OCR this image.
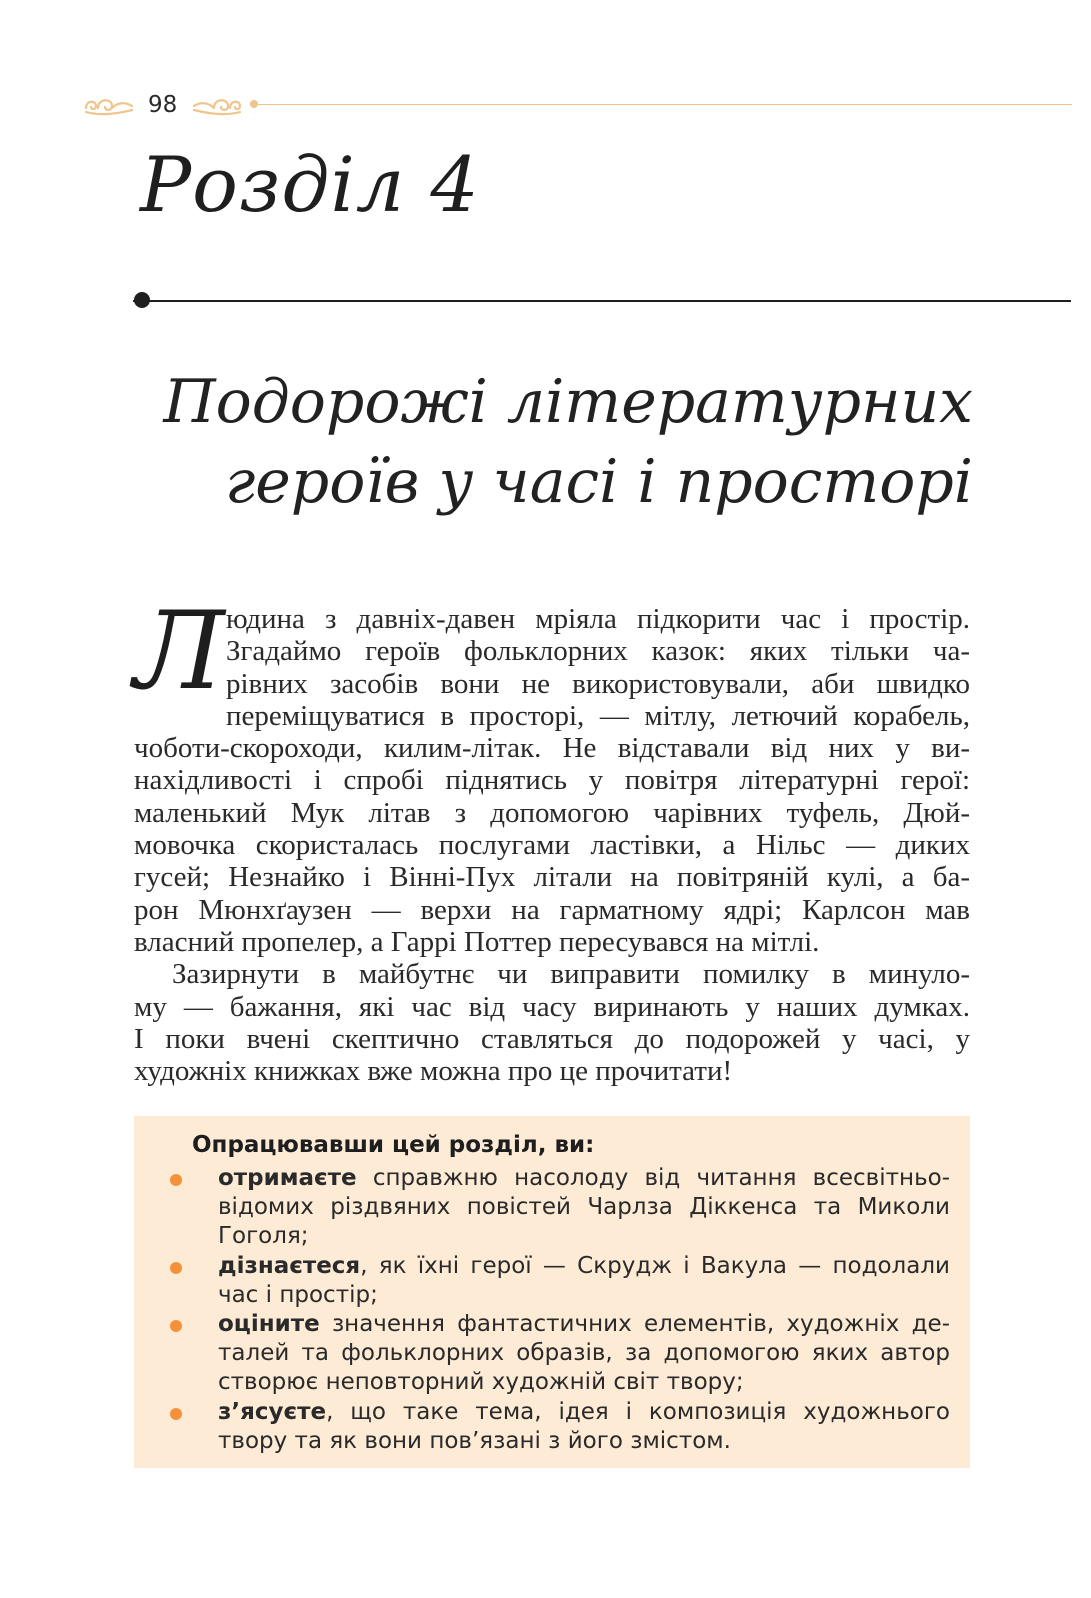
98
Розділ 4
Подорожі літературних
героїв у часі і просторі
Л юдина з давніх-давен мріяла підкорити час і простір.
Згадаймо героїв фольклорних казок: яких тільки ча-
рівних засобів вони не використовували, аби швидко
переміщуватися в просторі, — мітлу, летючий корабель,
чоботи-скороходи, килим-літак. Не відставали від них у ви-
нахідливості і спробі піднятись у повітря літературні герої:
маленький Мук літав з допомогою чарівних туфель, Дюй-
мовочка скористалась послугами ластівки, а Нільс — диких
гусей; Незнайко і Вінні-Пух літали на повітряній кулі, а ба-
рон Мюнхґаузен — верхи на гарматному ядрі; Карлсон мав
власний пропелер, а Гаррі Поттер пересувався на мітлі.
Зазирнути в майбутнє чи виправити помилку в минуло-
му — бажання, які час від часу виринають у наших думках.
І поки вчені скептично ставляться до подорожей у часі, у
художніх книжках вже можна про це прочитати!
Опрацювавши цей розділ, ви:
отримаєте справжню насолоду від читання всесвітньо-
відомих різдвяних повістей Чарлза Діккенса та Миколи
Гоголя;
дізнаєтеся, як їхні герої — Скрудж і Вакула — подолали
час і простір;
оціните значення фантастичних елементів, художніх де-
талей та фольклорних образів, за допомогою яких автор
створює неповторний художній світ твору;
з’ясуєте, що таке тема, ідея і композиція художнього
твору та як вони пов’язані з його змістом.
